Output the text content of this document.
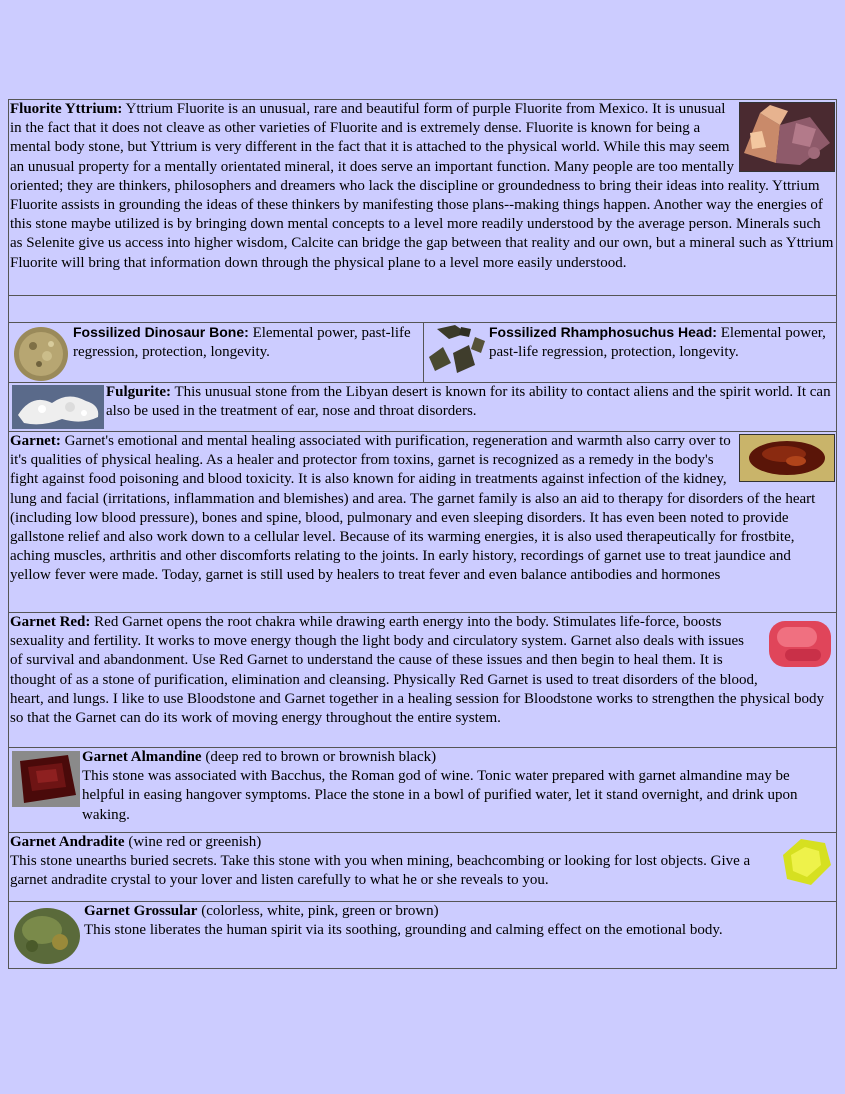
Fluorite Yttrium: Yttrium Fluorite is an unusual, rare and beautiful form of purple Fluorite from Mexico. It is unusual in the fact that it does not cleave as other varieties of Fluorite and is extremely dense. Fluorite is known for being a mental body stone, but Yttrium is very different in the fact that it is attached to the physical world. While this may seem an unusual property for a mentally orientated mineral, it does serve an important function. Many people are too mentally oriented; they are thinkers, philosophers and dreamers who lack the discipline or groundedness to bring their ideas into reality. Yttrium Fluorite assists in grounding the ideas of these thinkers by manifesting those plans--making things happen. Another way the energies of this stone maybe utilized is by bringing down mental concepts to a level more readily understood by the average person. Minerals such as Selenite give us access into higher wisdom, Calcite can bridge the gap between that reality and our own, but a mineral such as Yttrium Fluorite will bring that information down through the physical plane to a level more easily understood.

Fossilized Dinosaur Bone: Elemental power, past-life regression, protection, longevity.	
Fossilized Rhamphosuchus Head: Elemental power, past-life regression, protection, longevity.

Fulgurite: This unusual stone from the Libyan desert is known for its ability to contact aliens and the spirit world. It can also be used in the treatment of ear, nose and throat disorders.

Garnet: Garnet's emotional and mental healing associated with purification, regeneration and warmth also carry over to it's qualities of physical healing. As a healer and protector from toxins, garnet is recognized as a remedy in the body's fight against food poisoning and blood toxicity. It is also known for aiding in treatments against infection of the kidney, lung and facial (irritations, inflammation and blemishes) and area. The garnet family is also an aid to therapy for disorders of the heart (including low blood pressure), bones and spine, blood, pulmonary and even sleeping disorders. It has even been noted to provide gallstone relief and also work down to a cellular level. Because of its warming energies, it is also used therapeutically for frostbite, aching muscles, arthritis and other discomforts relating to the joints. In early history, recordings of garnet use to treat jaundice and yellow fever were made. Today, garnet is still used by healers to treat fever and even balance antibodies and hormones

Garnet Red: Red Garnet opens the root chakra while drawing earth energy into the body. Stimulates life-force, boosts sexuality and fertility. It works to move energy though the light body and circulatory system. Garnet also deals with issues of survival and abandonment. Use Red Garnet to understand the cause of these issues and then begin to heal them. It is thought of as a stone of purification, elimination and cleansing. Physically Red Garnet is used to treat disorders of the blood, heart, and lungs. I like to use Bloodstone and Garnet together in a healing session for Bloodstone works to strengthen the physical body so that the Garnet can do its work of moving energy throughout the entire system.

Garnet Almandine (deep red to brown or brownish black)
This stone was associated with Bacchus, the Roman god of wine. Tonic water prepared with garnet almandine may be helpful in easing hangover symptoms. Place the stone in a bowl of purified water, let it stand overnight, and drink upon waking.

Garnet Andradite (wine red or greenish)
This stone unearths buried secrets. Take this stone with you when mining, beachcombing or looking for lost objects. Give a garnet andradite crystal to your lover and listen carefully to what he or she reveals to you.

Garnet Grossular (colorless, white, pink, green or brown)
This stone liberates the human spirit via its soothing, grounding and calming effect on the emotional body.
